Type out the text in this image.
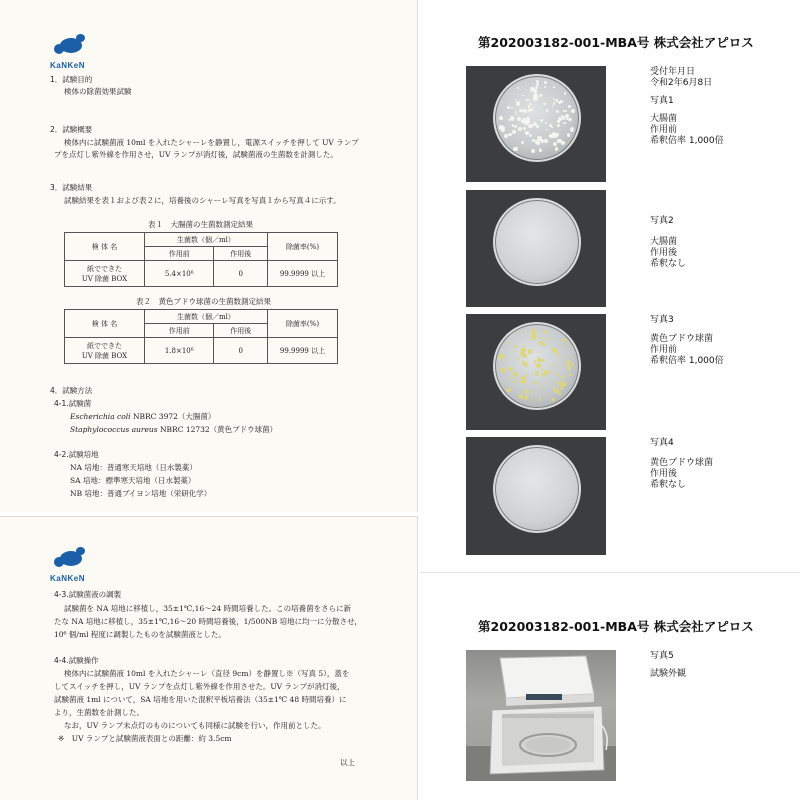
KaNKeN
1．試験目的
検体の除菌効果試験
2．試験概要
検体内に試験菌液 10ml を入れたシャーレを静置し，電源スイッチを押して UV ランプ
プを点灯し紫外線を作用させ，UV ランプが消灯後，試験菌液の生菌数を計測した。
3．試験結果
試験結果を表１および表２に，培養後のシャーレ写真を写真１から写真４に示す。
表１　大腸菌の生菌数測定結果
検 体 名	生菌数（個／ml）		除菌率(%)
	作用前	作用後	

紙でできた
UV 除菌 BOX	5.4×10⁶	0	99.9999 以上
表２　黄色ブドウ球菌の生菌数測定結果
検 体 名	生菌数（個／ml）		除菌率(%)
	作用前	作用後	

紙でできた
UV 除菌 BOX	1.8×10⁶	0	99.9999 以上
4．試験方法
4-1.試験菌
Escherichia coli NBRC 3972（大腸菌）
Staphylococcus aureus NBRC 12732（黄色ブドウ球菌）
4-2.試験培地
NA 培地：普通寒天培地（日水製薬）
SA 培地：標準寒天培地（日水製薬）
NB 培地：普通ブイヨン培地（栄研化学）
KaNKeN
4-3.試験菌液の調製
試験菌を NA 培地に移植し，35±1℃,16～24 時間培養した。この培養菌をさらに新
たな NA 培地に移植し，35±1℃,16～20 時間培養後，1/500NB 培地に均一に分散させ，
10⁶ 個/ml 程度に調製したものを試験菌液とした。
4-4.試験操作
検体内に試験菌液 10ml を入れたシャーレ（直径 9cm）を静置し※（写真 5），蓋を
してスイッチを押し，UV ランプを点灯し紫外線を作用させた。UV ランプが消灯後，
試験菌液 1ml について，SA 培地を用いた混釈平板培養法（35±1℃ 48 時間培養）に
より，生菌数を計測した。
なお，UV ランプ未点灯のものについても同様に試験を行い，作用前とした。
※　UV ランプと試験菌液表面との距離：約 3.5cm
以上
第202003182-001-MBA号 株式会社アピロス
受付年月日
令和2年6月8日
写真1
大腸菌
作用前
希釈倍率 1,000倍
写真2
大腸菌
作用後
希釈なし
写真3
黄色ブドウ球菌
作用前
希釈倍率 1,000倍
写真4
黄色ブドウ球菌
作用後
希釈なし
第202003182-001-MBA号 株式会社アピロス
写真5
試験外観
